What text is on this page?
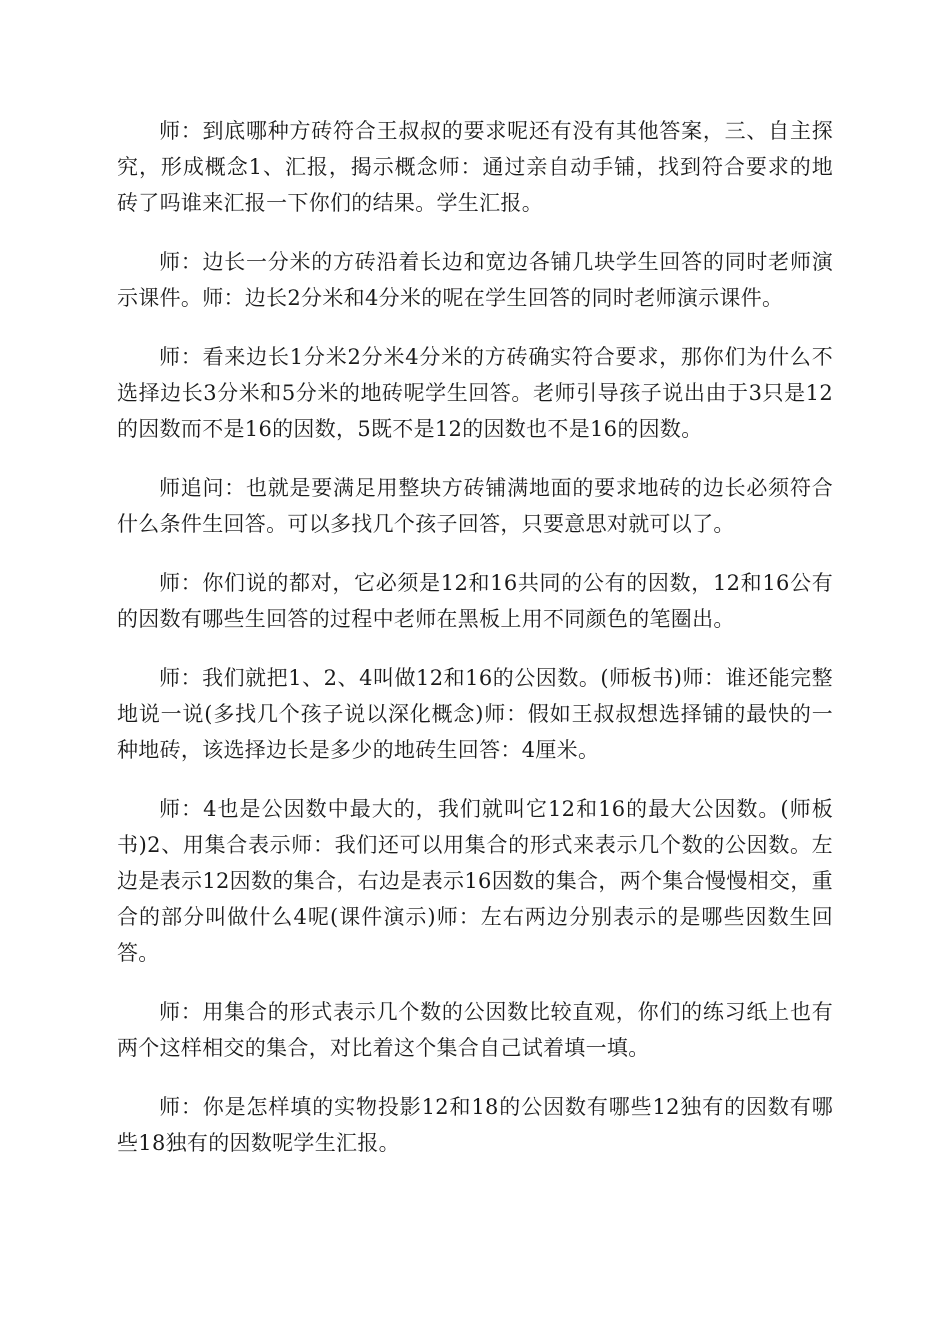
师：到底哪种方砖符合王叔叔的要求呢还有没有其他答案，三、自主探究，形成概念1、汇报，揭示概念师：通过亲自动手铺，找到符合要求的地砖了吗谁来汇报一下你们的结果。学生汇报。

师：边长一分米的方砖沿着长边和宽边各铺几块学生回答的同时老师演示课件。师：边长2分米和4分米的呢在学生回答的同时老师演示课件。

师：看来边长1分米2分米4分米的方砖确实符合要求，那你们为什么不选择边长3分米和5分米的地砖呢学生回答。老师引导孩子说出由于3只是12的因数而不是16的因数，5既不是12的因数也不是16的因数。

师追问：也就是要满足用整块方砖铺满地面的要求地砖的边长必须符合什么条件生回答。可以多找几个孩子回答，只要意思对就可以了。

师：你们说的都对，它必须是12和16共同的公有的因数，12和16公有的因数有哪些生回答的过程中老师在黑板上用不同颜色的笔圈出。

师：我们就把1、2、4叫做12和16的公因数。(师板书)师：谁还能完整地说一说(多找几个孩子说以深化概念)师：假如王叔叔想选择铺的最快的一种地砖，该选择边长是多少的地砖生回答：4厘米。

师：4也是公因数中最大的，我们就叫它12和16的最大公因数。(师板书)2、用集合表示师：我们还可以用集合的形式来表示几个数的公因数。左边是表示12因数的集合，右边是表示16因数的集合，两个集合慢慢相交，重合的部分叫做什么4呢(课件演示)师：左右两边分别表示的是哪些因数生回答。

师：用集合的形式表示几个数的公因数比较直观，你们的练习纸上也有两个这样相交的集合，对比着这个集合自己试着填一填。

师：你是怎样填的实物投影12和18的公因数有哪些12独有的因数有哪些18独有的因数呢学生汇报。
